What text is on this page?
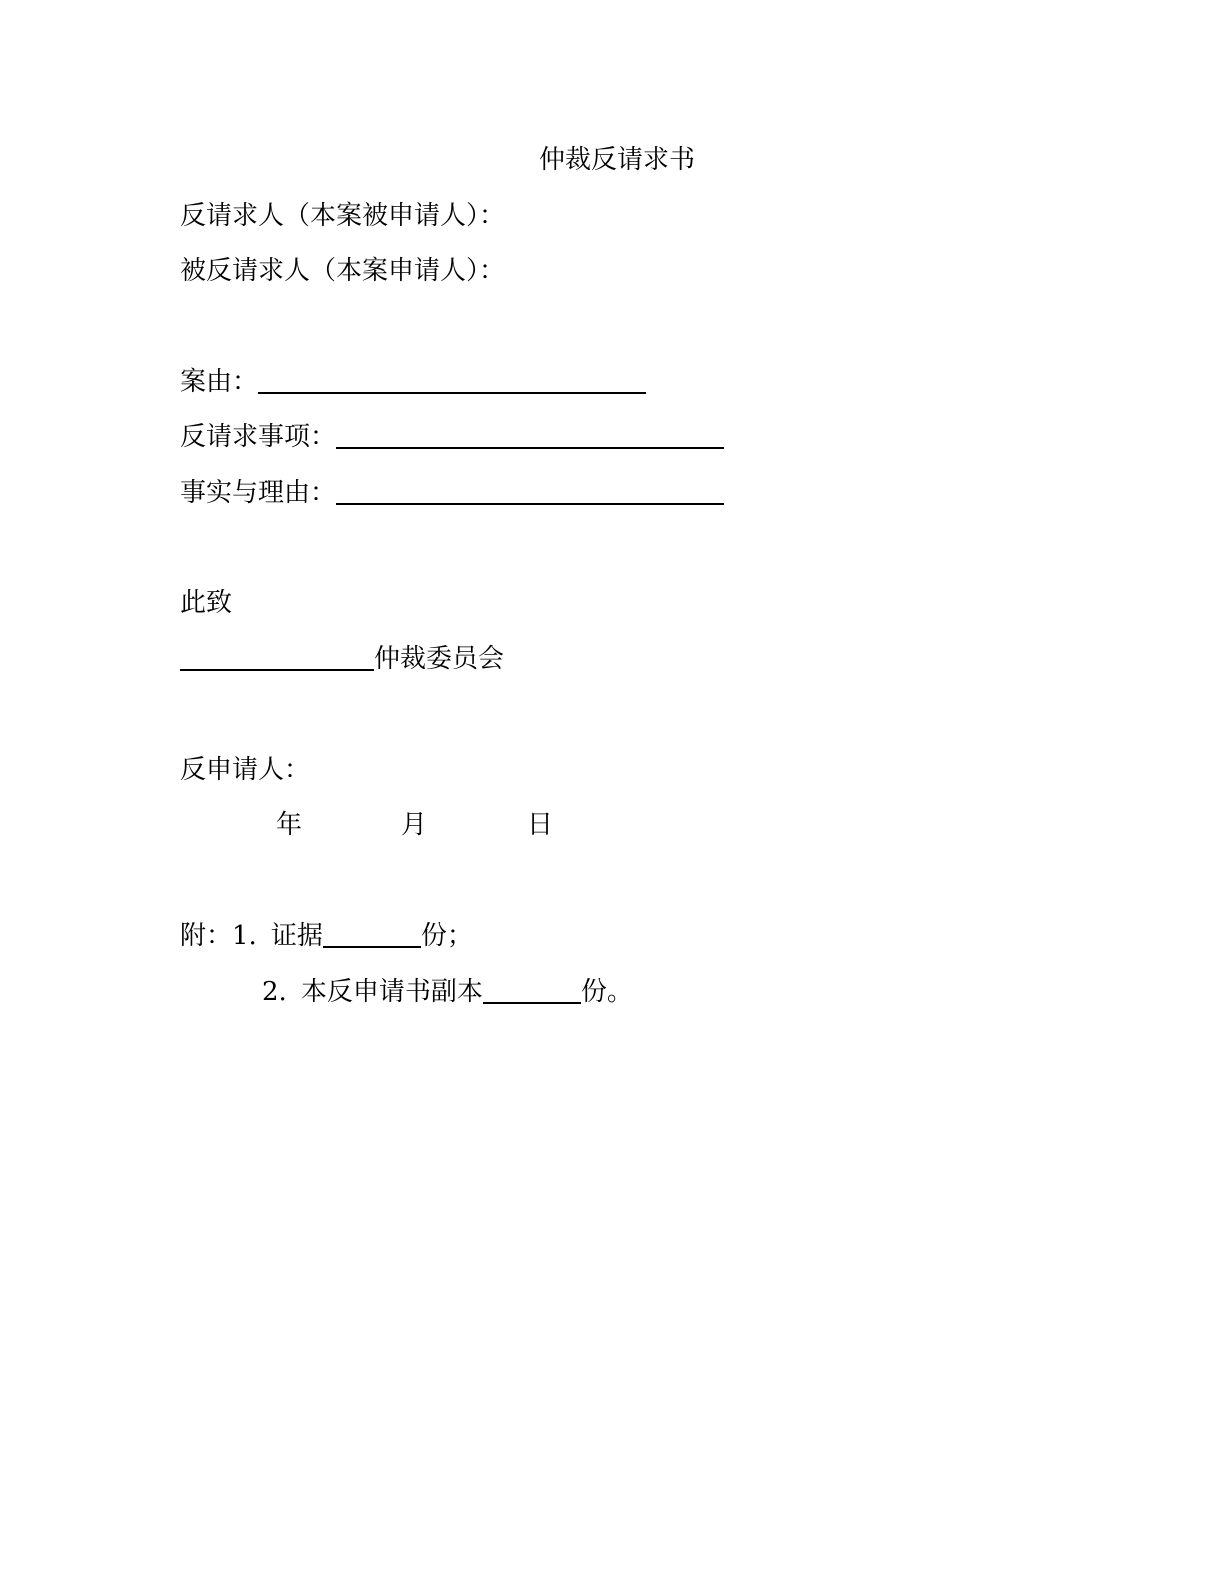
仲裁反请求书
反请求人（本案被申请人）：
被反请求人（本案申请人）：
案由：
反请求事项：
事实与理由：
此致
仲裁委员会
反申请人：
年	月	日
附：1. 证据	份；
2. 本反申请书副本	份。
